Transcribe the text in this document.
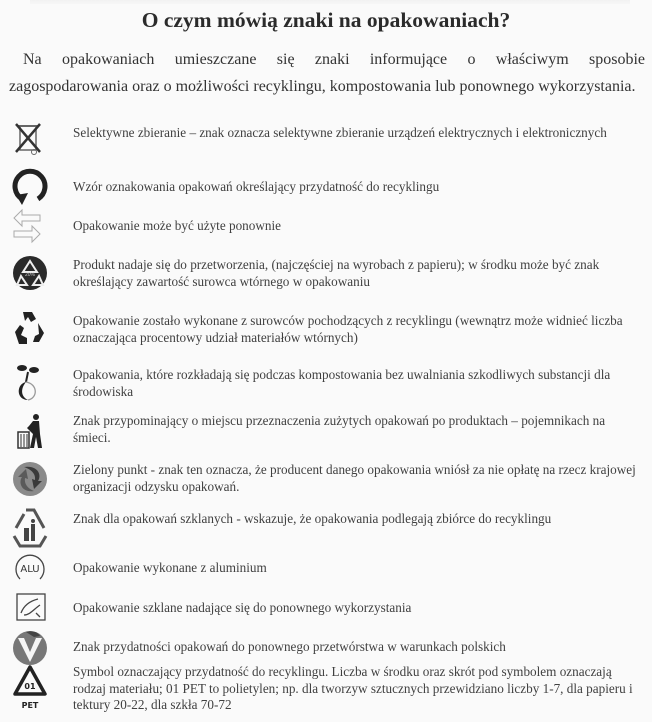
O czym mówią znaki na opakowaniach?

Na opakowaniach umieszczane się znaki informujące o właściwym sposobie
zagospodarowania oraz o możliwości recyklingu, kompostowania lub ponownego wykorzystania.

Selektywne zbieranie – znak oznacza selektywne zbieranie urządzeń elektrycznych i elektronicznych
Wzór oznakowania opakowań określający przydatność do recyklingu
Opakowanie może być użyte ponownie
20%
Produkt nadaje się do przetworzenia, (najczęściej na wyrobach z papieru); w środku może być znak określający zawartość surowca wtórnego w opakowaniu
Opakowanie zostało wykonane z surowców pochodzących z recyklingu (wewnątrz może widnieć liczba oznaczająca procentowy udział materiałów wtórnych)
Opakowania, które rozkładają się podczas kompostowania bez uwalniania szkodliwych substancji dla środowiska
Znak przypominający o miejscu przeznaczenia zużytych opakowań po produktach – pojemnikach na śmieci.
Zielony punkt - znak ten oznacza, że producent danego opakowania wniósł za nie opłatę na rzecz krajowej organizacji odzysku opakowań.
Znak dla opakowań szklanych - wskazuje, że opakowania podlegają zbiórce do recyklingu
ALU	Opakowanie wykonane z aluminium
Opakowanie szklane nadające się do ponownego wykorzystania
Znak przydatności opakowań do ponownego przetwórstwa w warunkach polskich
01
PET
Symbol oznaczający przydatność do recyklingu. Liczba w środku oraz skrót pod symbolem oznaczają rodzaj materiału; 01 PET to polietylen; np. dla tworzyw sztucznych przewidziano liczby 1-7, dla papieru i tektury 20-22, dla szkła 70-72
